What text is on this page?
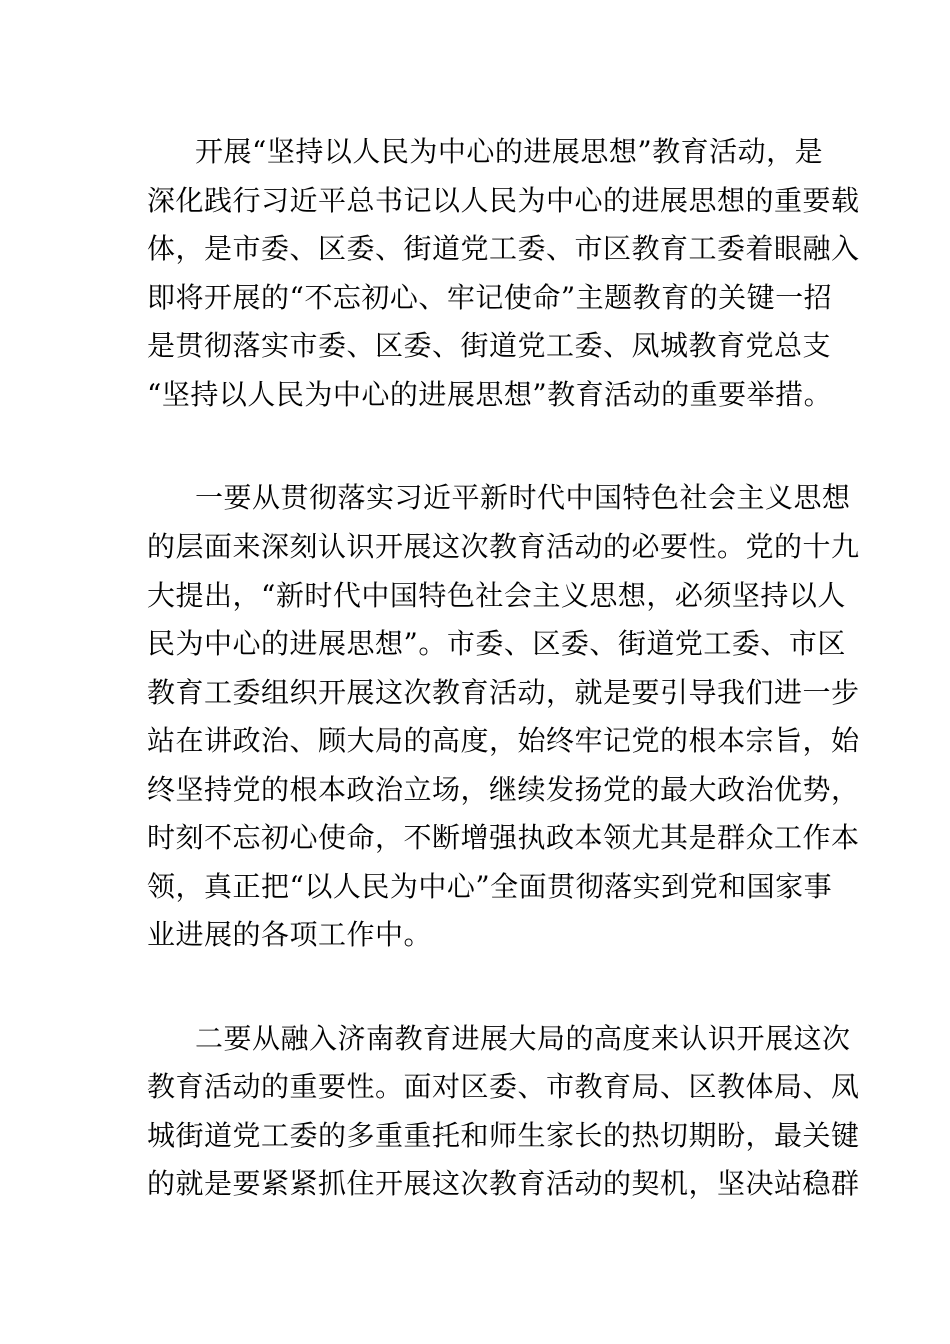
开展“坚持以人民为中心的进展思想”教育活动，是
深化践行习近平总书记以人民为中心的进展思想的重要载
体，是市委、区委、街道党工委、市区教育工委着眼融入
即将开展的“不忘初心、牢记使命”主题教育的关键一招
是贯彻落实市委、区委、街道党工委、凤城教育党总支
“坚持以人民为中心的进展思想”教育活动的重要举措。
一要从贯彻落实习近平新时代中国特色社会主义思想
的层面来深刻认识开展这次教育活动的必要性。党的十九
大提出，“新时代中国特色社会主义思想，必须坚持以人
民为中心的进展思想”。市委、区委、街道党工委、市区
教育工委组织开展这次教育活动，就是要引导我们进一步
站在讲政治、顾大局的高度，始终牢记党的根本宗旨，始
终坚持党的根本政治立场，继续发扬党的最大政治优势，
时刻不忘初心使命，不断增强执政本领尤其是群众工作本
领，真正把“以人民为中心”全面贯彻落实到党和国家事
业进展的各项工作中。
二要从融入济南教育进展大局的高度来认识开展这次
教育活动的重要性。面对区委、市教育局、区教体局、凤
城街道党工委的多重重托和师生家长的热切期盼，最关键
的就是要紧紧抓住开展这次教育活动的契机，坚决站稳群
